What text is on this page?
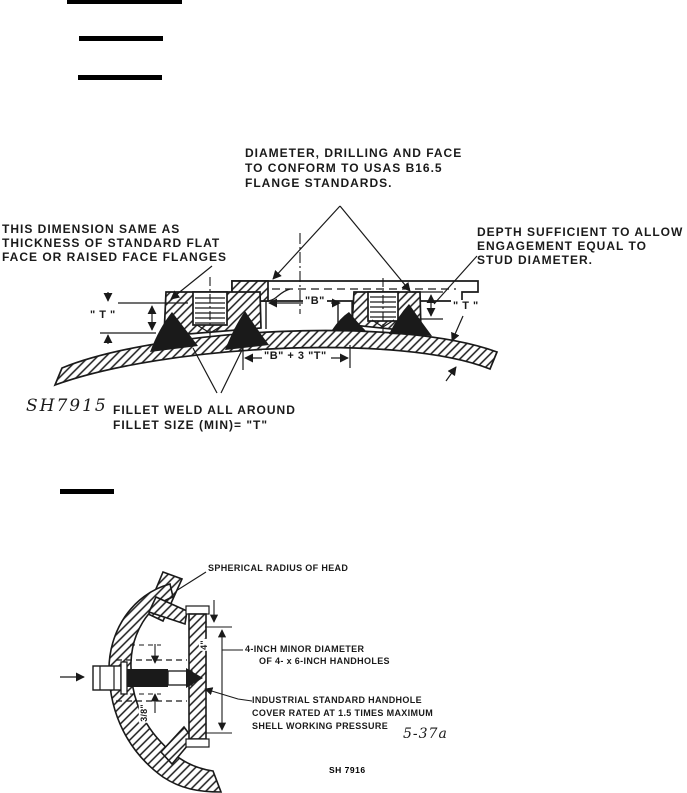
DIAMETER, DRILLING AND FACE
TO CONFORM TO USAS B16.5
FLANGE STANDARDS.
THIS DIMENSION SAME AS
THICKNESS OF STANDARD FLAT
FACE OR RAISED FACE FLANGES
DEPTH SUFFICIENT TO ALLOW
ENGAGEMENT EQUAL TO
STUD DIAMETER.
FILLET WELD ALL AROUND
FILLET SIZE (MIN)= "T"
SH7915
" T "
"B"
"B" + 3 "T"
" T "
SPHERICAL RADIUS OF HEAD
4-INCH MINOR DIAMETER
OF 4- x 6-INCH HANDHOLES
INDUSTRIAL STANDARD HANDHOLE
COVER RATED AT 1.5 TIMES MAXIMUM
SHELL WORKING PRESSURE
4"
3/8"
5-37a
SH 7916
